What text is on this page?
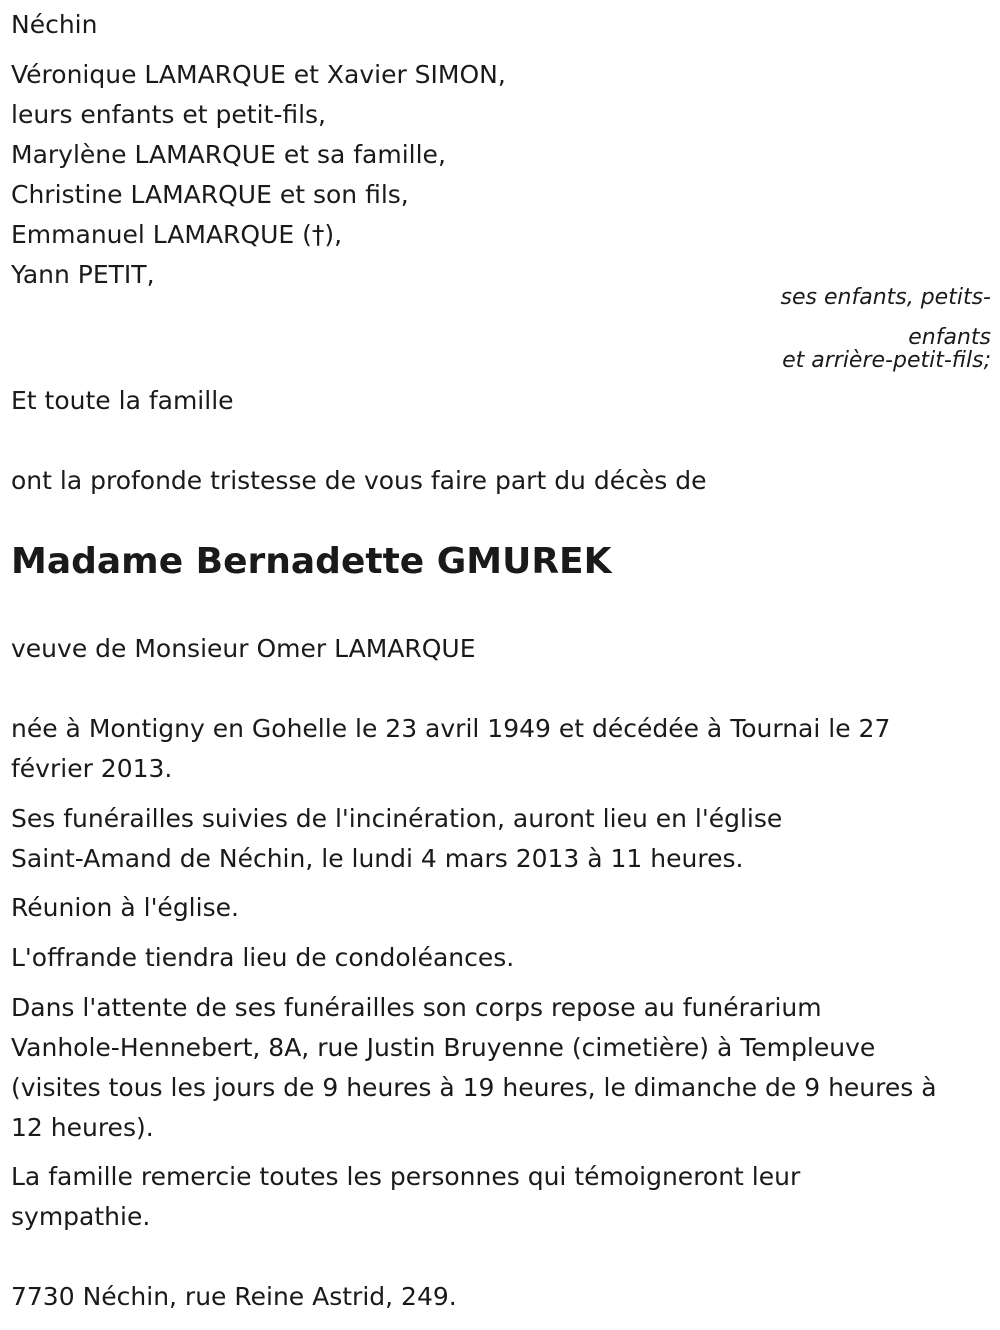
Néchin
Véronique LAMARQUE et Xavier SIMON,
leurs enfants et petit-fils,
Marylène LAMARQUE et sa famille,
Christine LAMARQUE et son fils,
Emmanuel LAMARQUE (†),
Yann PETIT,
ses enfants, petits-
enfants
et arrière-petit-fils;
Et toute la famille
ont la profonde tristesse de vous faire part du décès de
Madame Bernadette GMUREK
veuve de Monsieur Omer LAMARQUE
née à Montigny en Gohelle le 23 avril 1949 et décédée à Tournai le 27
février 2013.
Ses funérailles suivies de l'incinération, auront lieu en l'église
Saint-Amand de Néchin, le lundi 4 mars 2013 à 11 heures.
Réunion à l'église.
L'offrande tiendra lieu de condoléances.
Dans l'attente de ses funérailles son corps repose au funérarium
Vanhole-Hennebert, 8A, rue Justin Bruyenne (cimetière) à Templeuve
(visites tous les jours de 9 heures à 19 heures, le dimanche de 9 heures à
12 heures).
La famille remercie toutes les personnes qui témoigneront leur
sympathie.
7730 Néchin, rue Reine Astrid, 249.
